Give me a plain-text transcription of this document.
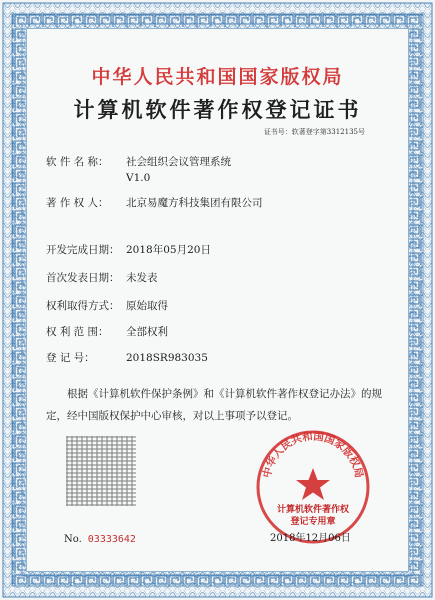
中华人民共和国国家版权局
计算机软件著作权登记证书
证书号：软著登字第3312135号
软 件 名 称： 社会组织会议管理系统
V1.0
著 作 权 人： 北京易魔方科技集团有限公司
开发完成日期： 2018年05月20日
首次发表日期： 未发表
权利取得方式： 原始取得
权 利 范 围： 全部权利
登 记 号：	2018SR983035
根据《计算机软件保护条例》和《计算机软件著作权登记办法》的规定，经中国版权保护中心审核，对以上事项予以登记。
No. 03333642
中华人民共和国国家版权局
计算机软件著作权
登记专用章
2018年12月06日
